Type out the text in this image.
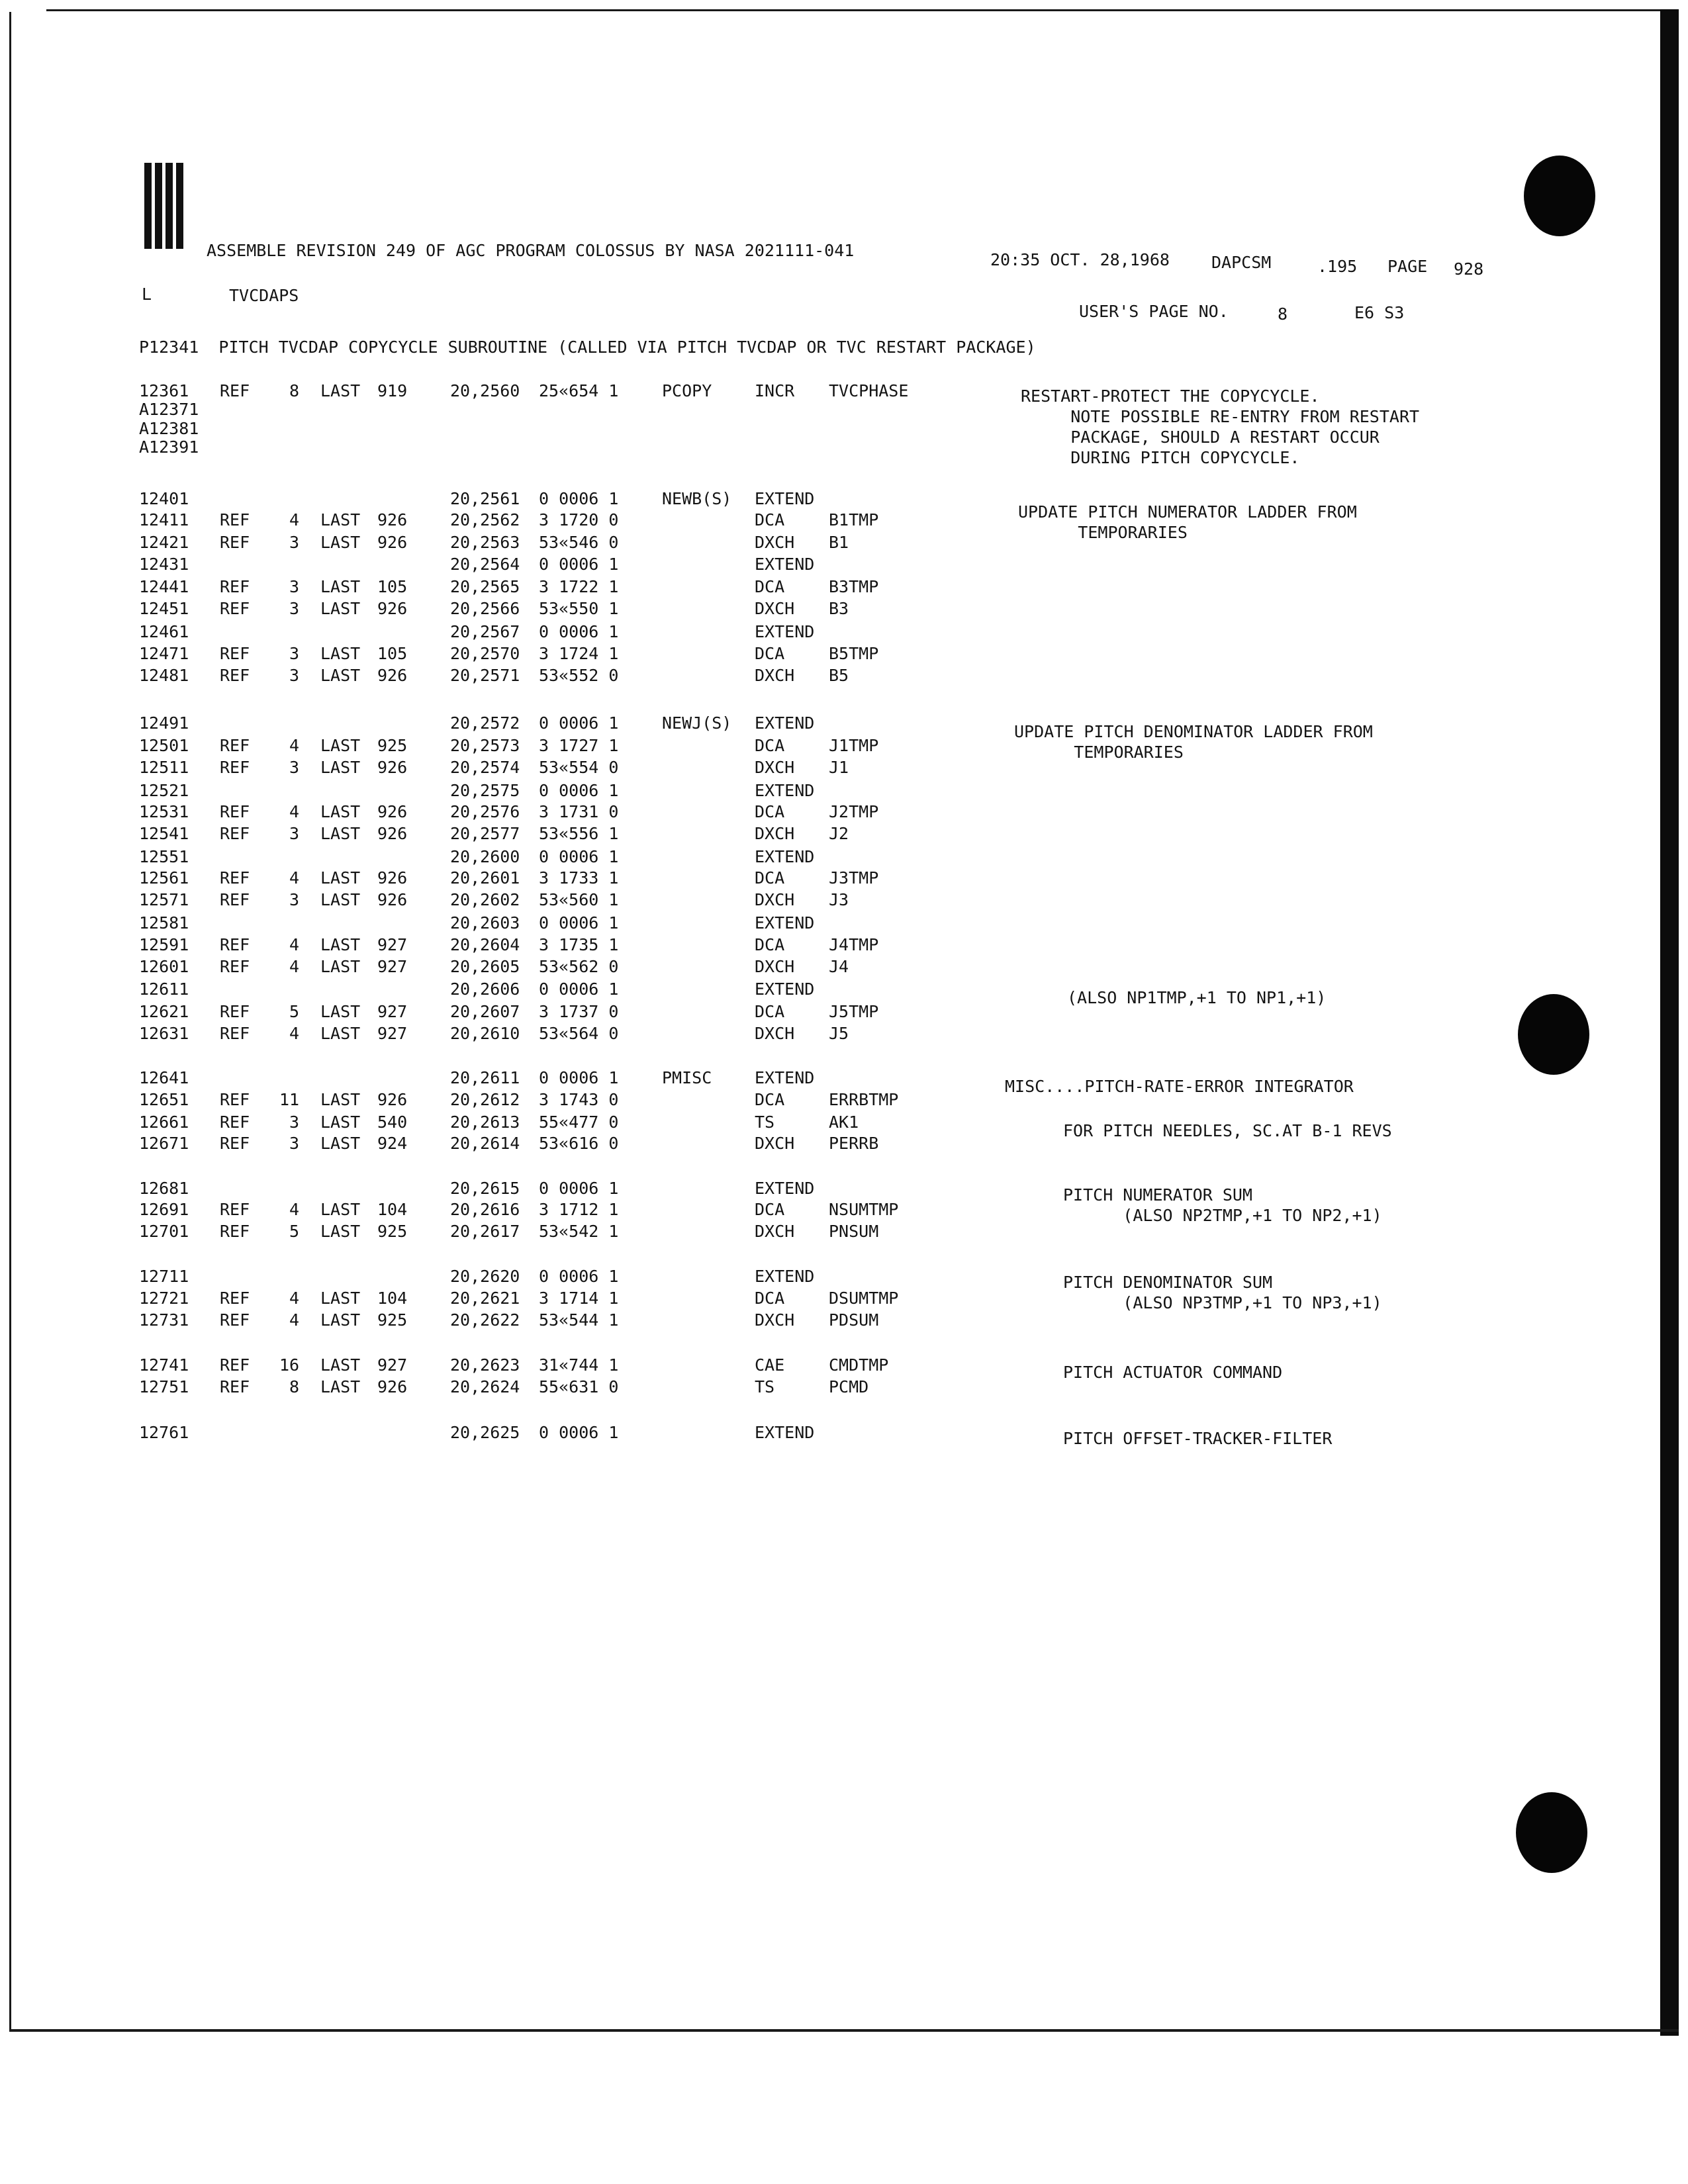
ASSEMBLE REVISION 249 OF AGC PROGRAM COLOSSUS BY NASA 2021111-041	20:35 OCT. 28,1968	DAPCSM	.195 PAGE 928
L	TVCDAPS
USER'S PAGE NO.	8	E6 S3
P12341  PITCH TVCDAP COPYCYCLE SUBROUTINE (CALLED VIA PITCH TVCDAP OR TVC RESTART PACKAGE)
12361 REF	8 LAST 919	20,2560 25«654 1	PCOPY	INCR TVCPHASE
A12371
A12381
A12391
12401	20,2561 0 0006 1	NEWB(S) EXTEND
12411 REF	4 LAST 926	20,2562 3 1720 0	DCA	B1TMP
12421 REF	3 LAST 926	20,2563 53«546 0	DXCH B1
12431	20,2564 0 0006 1	EXTEND
12441 REF	3 LAST 105	20,2565 3 1722 1	DCA	B3TMP
12451 REF	3 LAST 926	20,2566 53«550 1	DXCH B3
12461	20,2567 0 0006 1	EXTEND
12471 REF	3 LAST 105	20,2570 3 1724 1	DCA	B5TMP
12481 REF	3 LAST 926	20,2571 53«552 0	DXCH B5
12491	20,2572 0 0006 1	NEWJ(S) EXTEND
12501 REF	4 LAST 925	20,2573 3 1727 1	DCA	J1TMP
12511 REF	3 LAST 926	20,2574 53«554 0	DXCH J1
12521	20,2575 0 0006 1	EXTEND
12531 REF	4 LAST 926	20,2576 3 1731 0	DCA	J2TMP
12541 REF	3 LAST 926	20,2577 53«556 1	DXCH J2
12551	20,2600 0 0006 1	EXTEND
12561 REF	4 LAST 926	20,2601 3 1733 1	DCA	J3TMP
12571 REF	3 LAST 926	20,2602 53«560 1	DXCH J3
12581	20,2603 0 0006 1	EXTEND
12591 REF	4 LAST 927	20,2604 3 1735 1	DCA	J4TMP
12601 REF	4 LAST 927	20,2605 53«562 0	DXCH J4
12611	20,2606 0 0006 1	EXTEND
12621 REF	5 LAST 927	20,2607 3 1737 0	DCA	J5TMP
12631 REF	4 LAST 927	20,2610 53«564 0	DXCH J5
12641	20,2611 0 0006 1	PMISC	EXTEND
12651 REF 11 LAST 926	20,2612 3 1743 0	DCA	ERRBTMP
12661 REF	3 LAST 540	20,2613 55«477 0	TS	AK1
12671 REF	3 LAST 924	20,2614 53«616 0	DXCH PERRB
12681	20,2615 0 0006 1	EXTEND
12691 REF	4 LAST 104	20,2616 3 1712 1	DCA	NSUMTMP
12701 REF	5 LAST 925	20,2617 53«542 1	DXCH PNSUM
12711	20,2620 0 0006 1	EXTEND
12721 REF	4 LAST 104	20,2621 3 1714 1	DCA	DSUMTMP
12731 REF	4 LAST 925	20,2622 53«544 1	DXCH PDSUM
12741 REF 16 LAST 927	20,2623 31«744 1	CAE	CMDTMP
12751 REF	8 LAST 926	20,2624 55«631 0	TS	PCMD
12761	20,2625 0 0006 1	EXTEND
RESTART-PROTECT THE COPYCYCLE.
NOTE POSSIBLE RE-ENTRY FROM RESTART
PACKAGE, SHOULD A RESTART OCCUR
DURING PITCH COPYCYCLE.
UPDATE PITCH NUMERATOR LADDER FROM
TEMPORARIES
UPDATE PITCH DENOMINATOR LADDER FROM
TEMPORARIES
(ALSO NP1TMP,+1 TO NP1,+1)
MISC....PITCH-RATE-ERROR INTEGRATOR
FOR PITCH NEEDLES, SC.AT B-1 REVS
PITCH NUMERATOR SUM
(ALSO NP2TMP,+1 TO NP2,+1)
PITCH DENOMINATOR SUM
(ALSO NP3TMP,+1 TO NP3,+1)
PITCH ACTUATOR COMMAND
PITCH OFFSET-TRACKER-FILTER
